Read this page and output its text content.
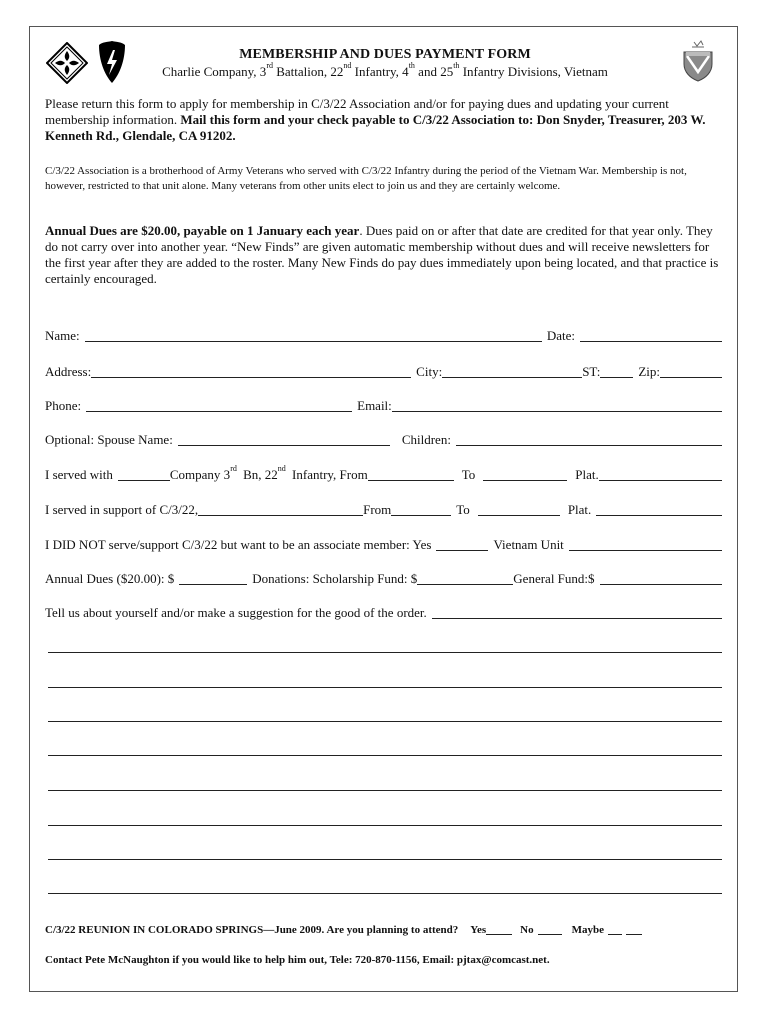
MEMBERSHIP AND DUES PAYMENT FORM
Charlie Company, 3rd Battalion, 22nd Infantry, 4th and 25th Infantry Divisions, Vietnam
Please return this form to apply for membership in C/3/22 Association and/or for paying dues and updating your current membership information. Mail this form and your check payable to C/3/22 Association to: Don Snyder, Treasurer, 203 W. Kenneth Rd., Glendale, CA 91202.
C/3/22 Association is a brotherhood of Army Veterans who served with C/3/22 Infantry during the period of the Vietnam War. Membership is not, however, restricted to that unit alone. Many veterans from other units elect to join us and they are certainly welcome.
Annual Dues are $20.00, payable on 1 January each year. Dues paid on or after that date are credited for that year only. They do not carry over into another year. “New Finds” are given automatic membership without dues and will receive newsletters for the first year after they are added to the roster. Many New Finds do pay dues immediately upon being located, and that practice is certainly encouraged.
Name:	Date:
Address:	City:	ST:	Zip:
Phone:	Email:
Optional: Spouse Name:	Children:
I served with	Company 3rd Bn, 22nd Infantry, From	To	Plat.
I served in support of C/3/22,	From	To	Plat.
I DID NOT serve/support C/3/22 but want to be an associate member: Yes	Vietnam Unit
Annual Dues ($20.00): $	Donations: Scholarship Fund: $	General Fund:$
Tell us about yourself and/or make a suggestion for the good of the order.
C/3/22 REUNION IN COLORADO SPRINGS—June 2009. Are you planning to attend? Yes	No	Maybe
Contact Pete McNaughton if you would like to help him out, Tele: 720-870-1156, Email: pjtax@comcast.net.
